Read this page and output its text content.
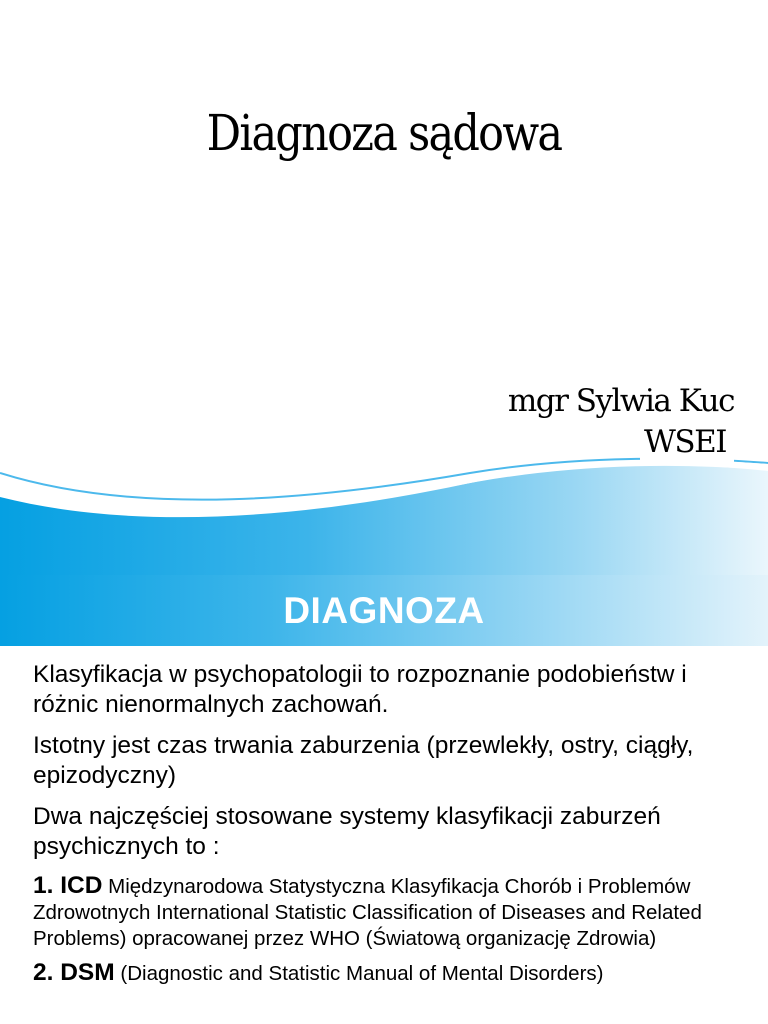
Diagnoza sądowa
mgr Sylwia Kuc
WSEI
DIAGNOZA

Klasyfikacja w psychopatologii to rozpoznanie podobieństw i różnic nienormalnych zachowań.

Istotny jest czas trwania zaburzenia (przewlekły, ostry, ciągły, epizodyczny)

Dwa najczęściej stosowane systemy klasyfikacji zaburzeń psychicznych to :

1. ICD Międzynarodowa Statystyczna Klasyfikacja Chorób i Problemów Zdrowotnych International Statistic Classification of Diseases and Related Problems) opracowanej przez WHO (Światową organizację Zdrowia)

2. DSM (Diagnostic and Statistic Manual of Mental Disorders)
